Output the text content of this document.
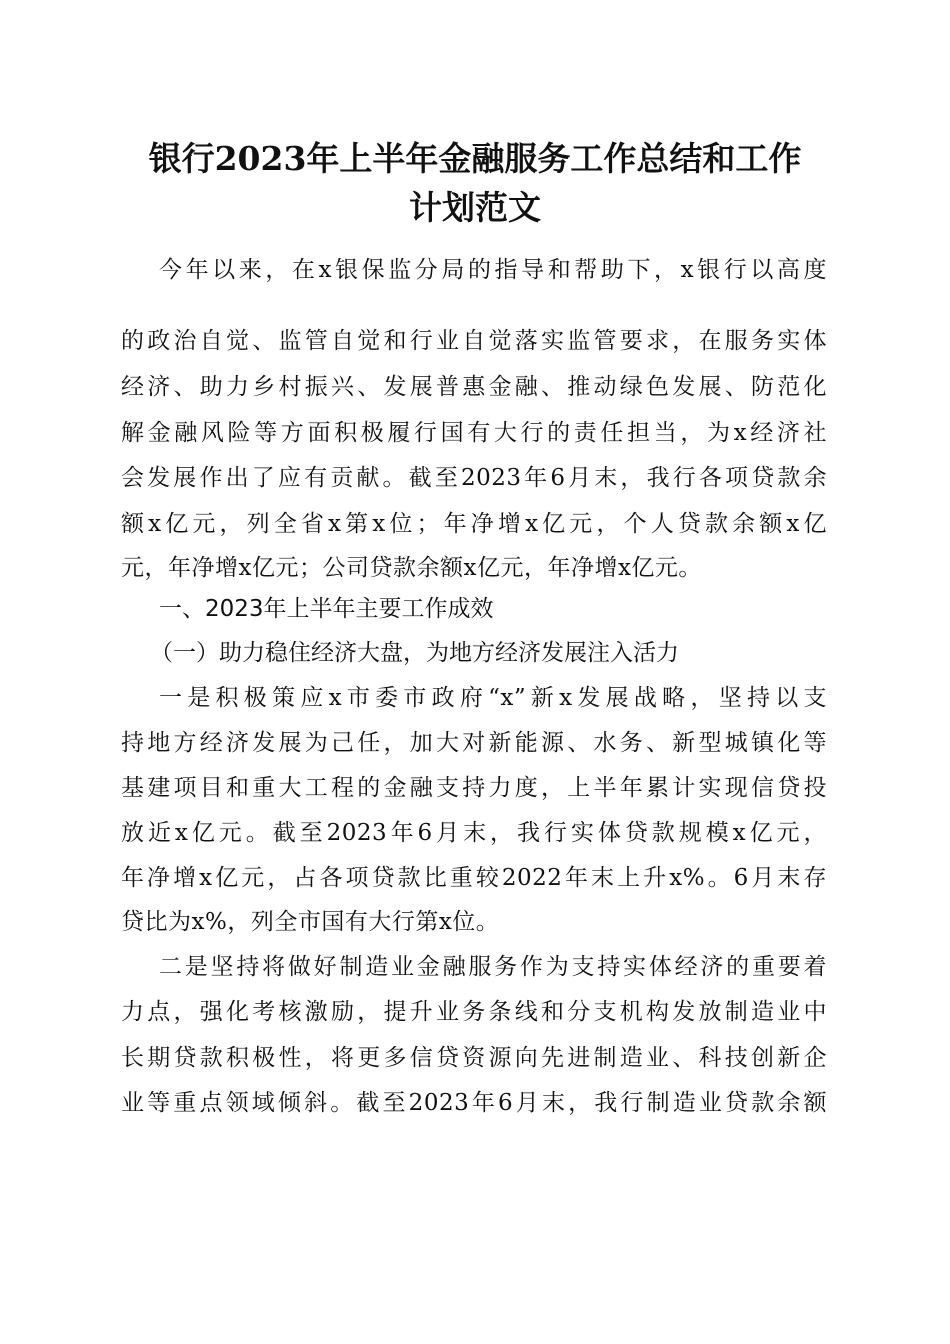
银行2023年上半年金融服务工作总结和工作
计划范文
今年以来，在x银保监分局的指导和帮助下，x银行以高度
的政治自觉、监管自觉和行业自觉落实监管要求，在服务实体
经济、助力乡村振兴、发展普惠金融、推动绿色发展、防范化
解金融风险等方面积极履行国有大行的责任担当，为x经济社
会发展作出了应有贡献。截至2023年6月末，我行各项贷款余
额x亿元，列全省x第x位；年净增x亿元，个人贷款余额x亿
元，年净增x亿元；公司贷款余额x亿元，年净增x亿元。
一、2023年上半年主要工作成效
（一）助力稳住经济大盘，为地方经济发展注入活力
一是积极策应x市委市政府“x”新x发展战略，坚持以支
持地方经济发展为己任，加大对新能源、水务、新型城镇化等
基建项目和重大工程的金融支持力度，上半年累计实现信贷投
放近x亿元。截至2023年6月末，我行实体贷款规模x亿元，
年净增x亿元，占各项贷款比重较2022年末上升x%。6月末存
贷比为x%，列全市国有大行第x位。
二是坚持将做好制造业金融服务作为支持实体经济的重要着
力点，强化考核激励，提升业务条线和分支机构发放制造业中
长期贷款积极性，将更多信贷资源向先进制造业、科技创新企
业等重点领域倾斜。截至2023年6月末，我行制造业贷款余额
